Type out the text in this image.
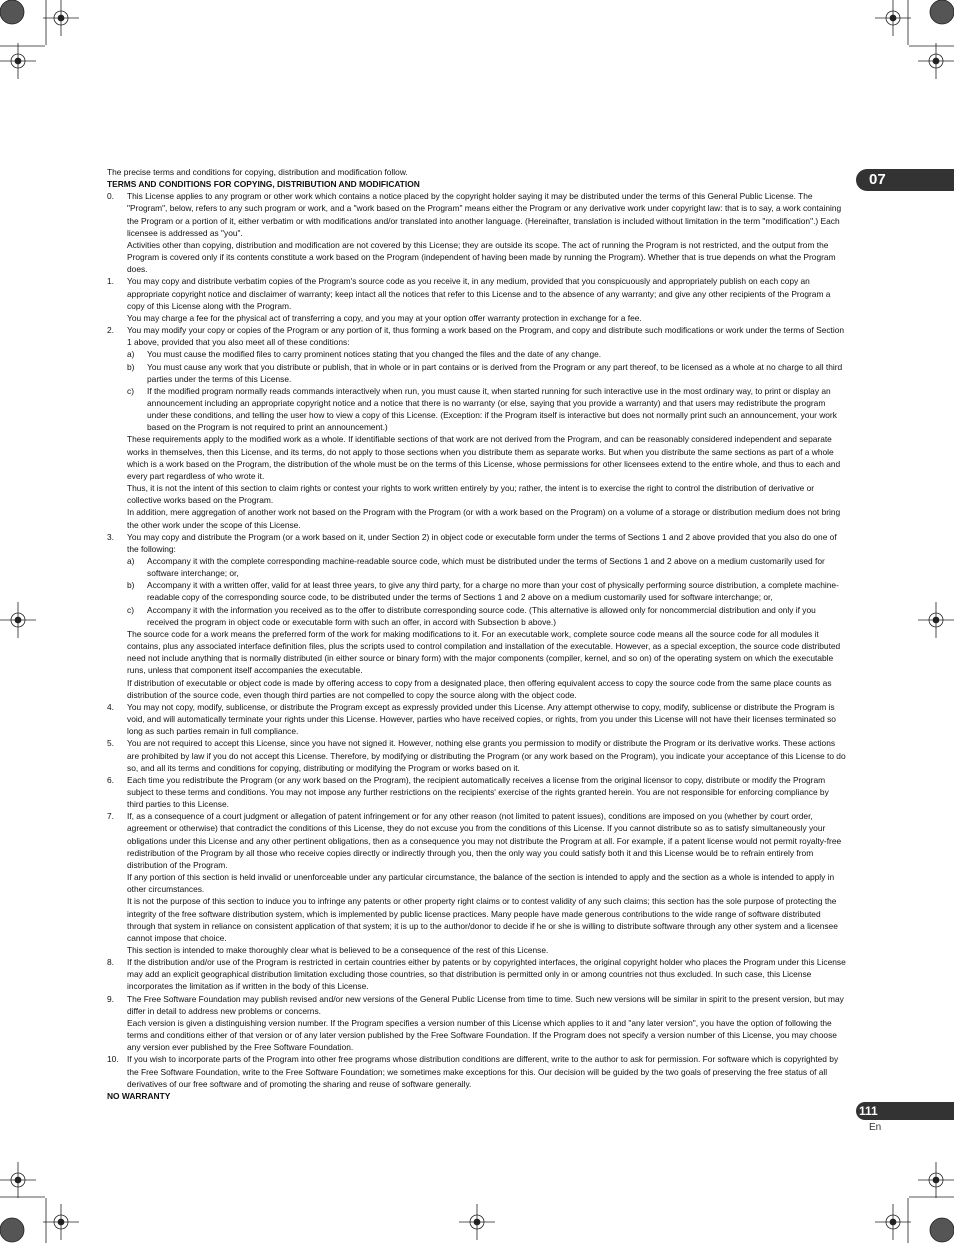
07
111
En

The precise terms and conditions for copying, distribution and modification follow.

TERMS AND CONDITIONS FOR COPYING, DISTRIBUTION AND MODIFICATION

0. This License applies to any program or other work which contains a notice placed by the copyright holder saying it may be distributed under the terms of this General Public License. The "Program", below, refers to any such program or work, and a "work based on the Program" means either the Program or any derivative work under copyright law: that is to say, a work containing the Program or a portion of it, either verbatim or with modifications and/or translated into another language. (Hereinafter, translation is included without limitation in the term "modification".) Each licensee is addressed as "you".

Activities other than copying, distribution and modification are not covered by this License; they are outside its scope. The act of running the Program is not restricted, and the output from the Program is covered only if its contents constitute a work based on the Program (independent of having been made by running the Program). Whether that is true depends on what the Program does.

1. You may copy and distribute verbatim copies of the Program's source code as you receive it, in any medium, provided that you conspicuously and appropriately publish on each copy an appropriate copyright notice and disclaimer of warranty; keep intact all the notices that refer to this License and to the absence of any warranty; and give any other recipients of the Program a copy of this License along with the Program.

You may charge a fee for the physical act of transferring a copy, and you may at your option offer warranty protection in exchange for a fee.

2. You may modify your copy or copies of the Program or any portion of it, thus forming a work based on the Program, and copy and distribute such modifications or work under the terms of Section 1 above, provided that you also meet all of these conditions:

a) You must cause the modified files to carry prominent notices stating that you changed the files and the date of any change.

b) You must cause any work that you distribute or publish, that in whole or in part contains or is derived from the Program or any part thereof, to be licensed as a whole at no charge to all third parties under the terms of this License.

c) If the modified program normally reads commands interactively when run, you must cause it, when started running for such interactive use in the most ordinary way, to print or display an announcement including an appropriate copyright notice and a notice that there is no warranty (or else, saying that you provide a warranty) and that users may redistribute the program under these conditions, and telling the user how to view a copy of this License. (Exception: if the Program itself is interactive but does not normally print such an announcement, your work based on the Program is not required to print an announcement.)

These requirements apply to the modified work as a whole. If identifiable sections of that work are not derived from the Program, and can be reasonably considered independent and separate works in themselves, then this License, and its terms, do not apply to those sections when you distribute them as separate works. But when you distribute the same sections as part of a whole which is a work based on the Program, the distribution of the whole must be on the terms of this License, whose permissions for other licensees extend to the entire whole, and thus to each and every part regardless of who wrote it.

Thus, it is not the intent of this section to claim rights or contest your rights to work written entirely by you; rather, the intent is to exercise the right to control the distribution of derivative or collective works based on the Program.

In addition, mere aggregation of another work not based on the Program with the Program (or with a work based on the Program) on a volume of a storage or distribution medium does not bring the other work under the scope of this License.

3. You may copy and distribute the Program (or a work based on it, under Section 2) in object code or executable form under the terms of Sections 1 and 2 above provided that you also do one of the following:

a) Accompany it with the complete corresponding machine-readable source code, which must be distributed under the terms of Sections 1 and 2 above on a medium customarily used for software interchange; or,

b) Accompany it with a written offer, valid for at least three years, to give any third party, for a charge no more than your cost of physically performing source distribution, a complete machine-readable copy of the corresponding source code, to be distributed under the terms of Sections 1 and 2 above on a medium customarily used for software interchange; or,

c) Accompany it with the information you received as to the offer to distribute corresponding source code. (This alternative is allowed only for noncommercial distribution and only if you received the program in object code or executable form with such an offer, in accord with Subsection b above.)

The source code for a work means the preferred form of the work for making modifications to it. For an executable work, complete source code means all the source code for all modules it contains, plus any associated interface definition files, plus the scripts used to control compilation and installation of the executable. However, as a special exception, the source code distributed need not include anything that is normally distributed (in either source or binary form) with the major components (compiler, kernel, and so on) of the operating system on which the executable runs, unless that component itself accompanies the executable.

If distribution of executable or object code is made by offering access to copy from a designated place, then offering equivalent access to copy the source code from the same place counts as distribution of the source code, even though third parties are not compelled to copy the source along with the object code.

4. You may not copy, modify, sublicense, or distribute the Program except as expressly provided under this License. Any attempt otherwise to copy, modify, sublicense or distribute the Program is void, and will automatically terminate your rights under this License. However, parties who have received copies, or rights, from you under this License will not have their licenses terminated so long as such parties remain in full compliance.

5. You are not required to accept this License, since you have not signed it. However, nothing else grants you permission to modify or distribute the Program or its derivative works. These actions are prohibited by law if you do not accept this License. Therefore, by modifying or distributing the Program (or any work based on the Program), you indicate your acceptance of this License to do so, and all its terms and conditions for copying, distributing or modifying the Program or works based on it.

6. Each time you redistribute the Program (or any work based on the Program), the recipient automatically receives a license from the original licensor to copy, distribute or modify the Program subject to these terms and conditions. You may not impose any further restrictions on the recipients' exercise of the rights granted herein. You are not responsible for enforcing compliance by third parties to this License.

7. If, as a consequence of a court judgment or allegation of patent infringement or for any other reason (not limited to patent issues), conditions are imposed on you (whether by court order, agreement or otherwise) that contradict the conditions of this License, they do not excuse you from the conditions of this License. If you cannot distribute so as to satisfy simultaneously your obligations under this License and any other pertinent obligations, then as a consequence you may not distribute the Program at all. For example, if a patent license would not permit royalty-free redistribution of the Program by all those who receive copies directly or indirectly through you, then the only way you could satisfy both it and this License would be to refrain entirely from distribution of the Program.

If any portion of this section is held invalid or unenforceable under any particular circumstance, the balance of the section is intended to apply and the section as a whole is intended to apply in other circumstances.

It is not the purpose of this section to induce you to infringe any patents or other property right claims or to contest validity of any such claims; this section has the sole purpose of protecting the integrity of the free software distribution system, which is implemented by public license practices. Many people have made generous contributions to the wide range of software distributed through that system in reliance on consistent application of that system; it is up to the author/donor to decide if he or she is willing to distribute software through any other system and a licensee cannot impose that choice.

This section is intended to make thoroughly clear what is believed to be a consequence of the rest of this License.

8. If the distribution and/or use of the Program is restricted in certain countries either by patents or by copyrighted interfaces, the original copyright holder who places the Program under this License may add an explicit geographical distribution limitation excluding those countries, so that distribution is permitted only in or among countries not thus excluded. In such case, this License incorporates the limitation as if written in the body of this License.

9. The Free Software Foundation may publish revised and/or new versions of the General Public License from time to time. Such new versions will be similar in spirit to the present version, but may differ in detail to address new problems or concerns.

Each version is given a distinguishing version number. If the Program specifies a version number of this License which applies to it and "any later version", you have the option of following the terms and conditions either of that version or of any later version published by the Free Software Foundation. If the Program does not specify a version number of this License, you may choose any version ever published by the Free Software Foundation.

10. If you wish to incorporate parts of the Program into other free programs whose distribution conditions are different, write to the author to ask for permission. For software which is copyrighted by the Free Software Foundation, write to the Free Software Foundation; we sometimes make exceptions for this. Our decision will be guided by the two goals of preserving the free status of all derivatives of our free software and of promoting the sharing and reuse of software generally.

NO WARRANTY
